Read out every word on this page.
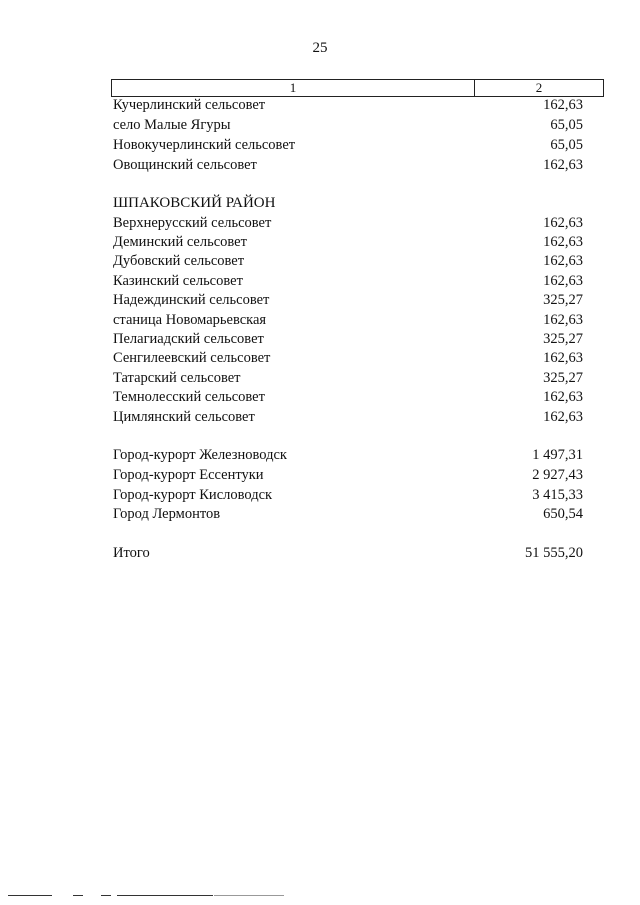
25
1	2
Кучерлинский сельсовет	162,63
село Малые Ягуры	65,05
Новокучерлинский сельсовет	65,05
Овощинский сельсовет	162,63
ШПАКОВСКИЙ РАЙОН
Верхнерусский сельсовет	162,63
Деминский сельсовет	162,63
Дубовский сельсовет	162,63
Казинский сельсовет	162,63
Надеждинский сельсовет	325,27
станица Новомарьевская	162,63
Пелагиадский сельсовет	325,27
Сенгилеевский сельсовет	162,63
Татарский сельсовет	325,27
Темнолесский сельсовет	162,63
Цимлянский сельсовет	162,63
Город-курорт Железноводск	1 497,31
Город-курорт Ессентуки	2 927,43
Город-курорт Кисловодск	3 415,33
Город Лермонтов	650,54
Итого	51 555,20
